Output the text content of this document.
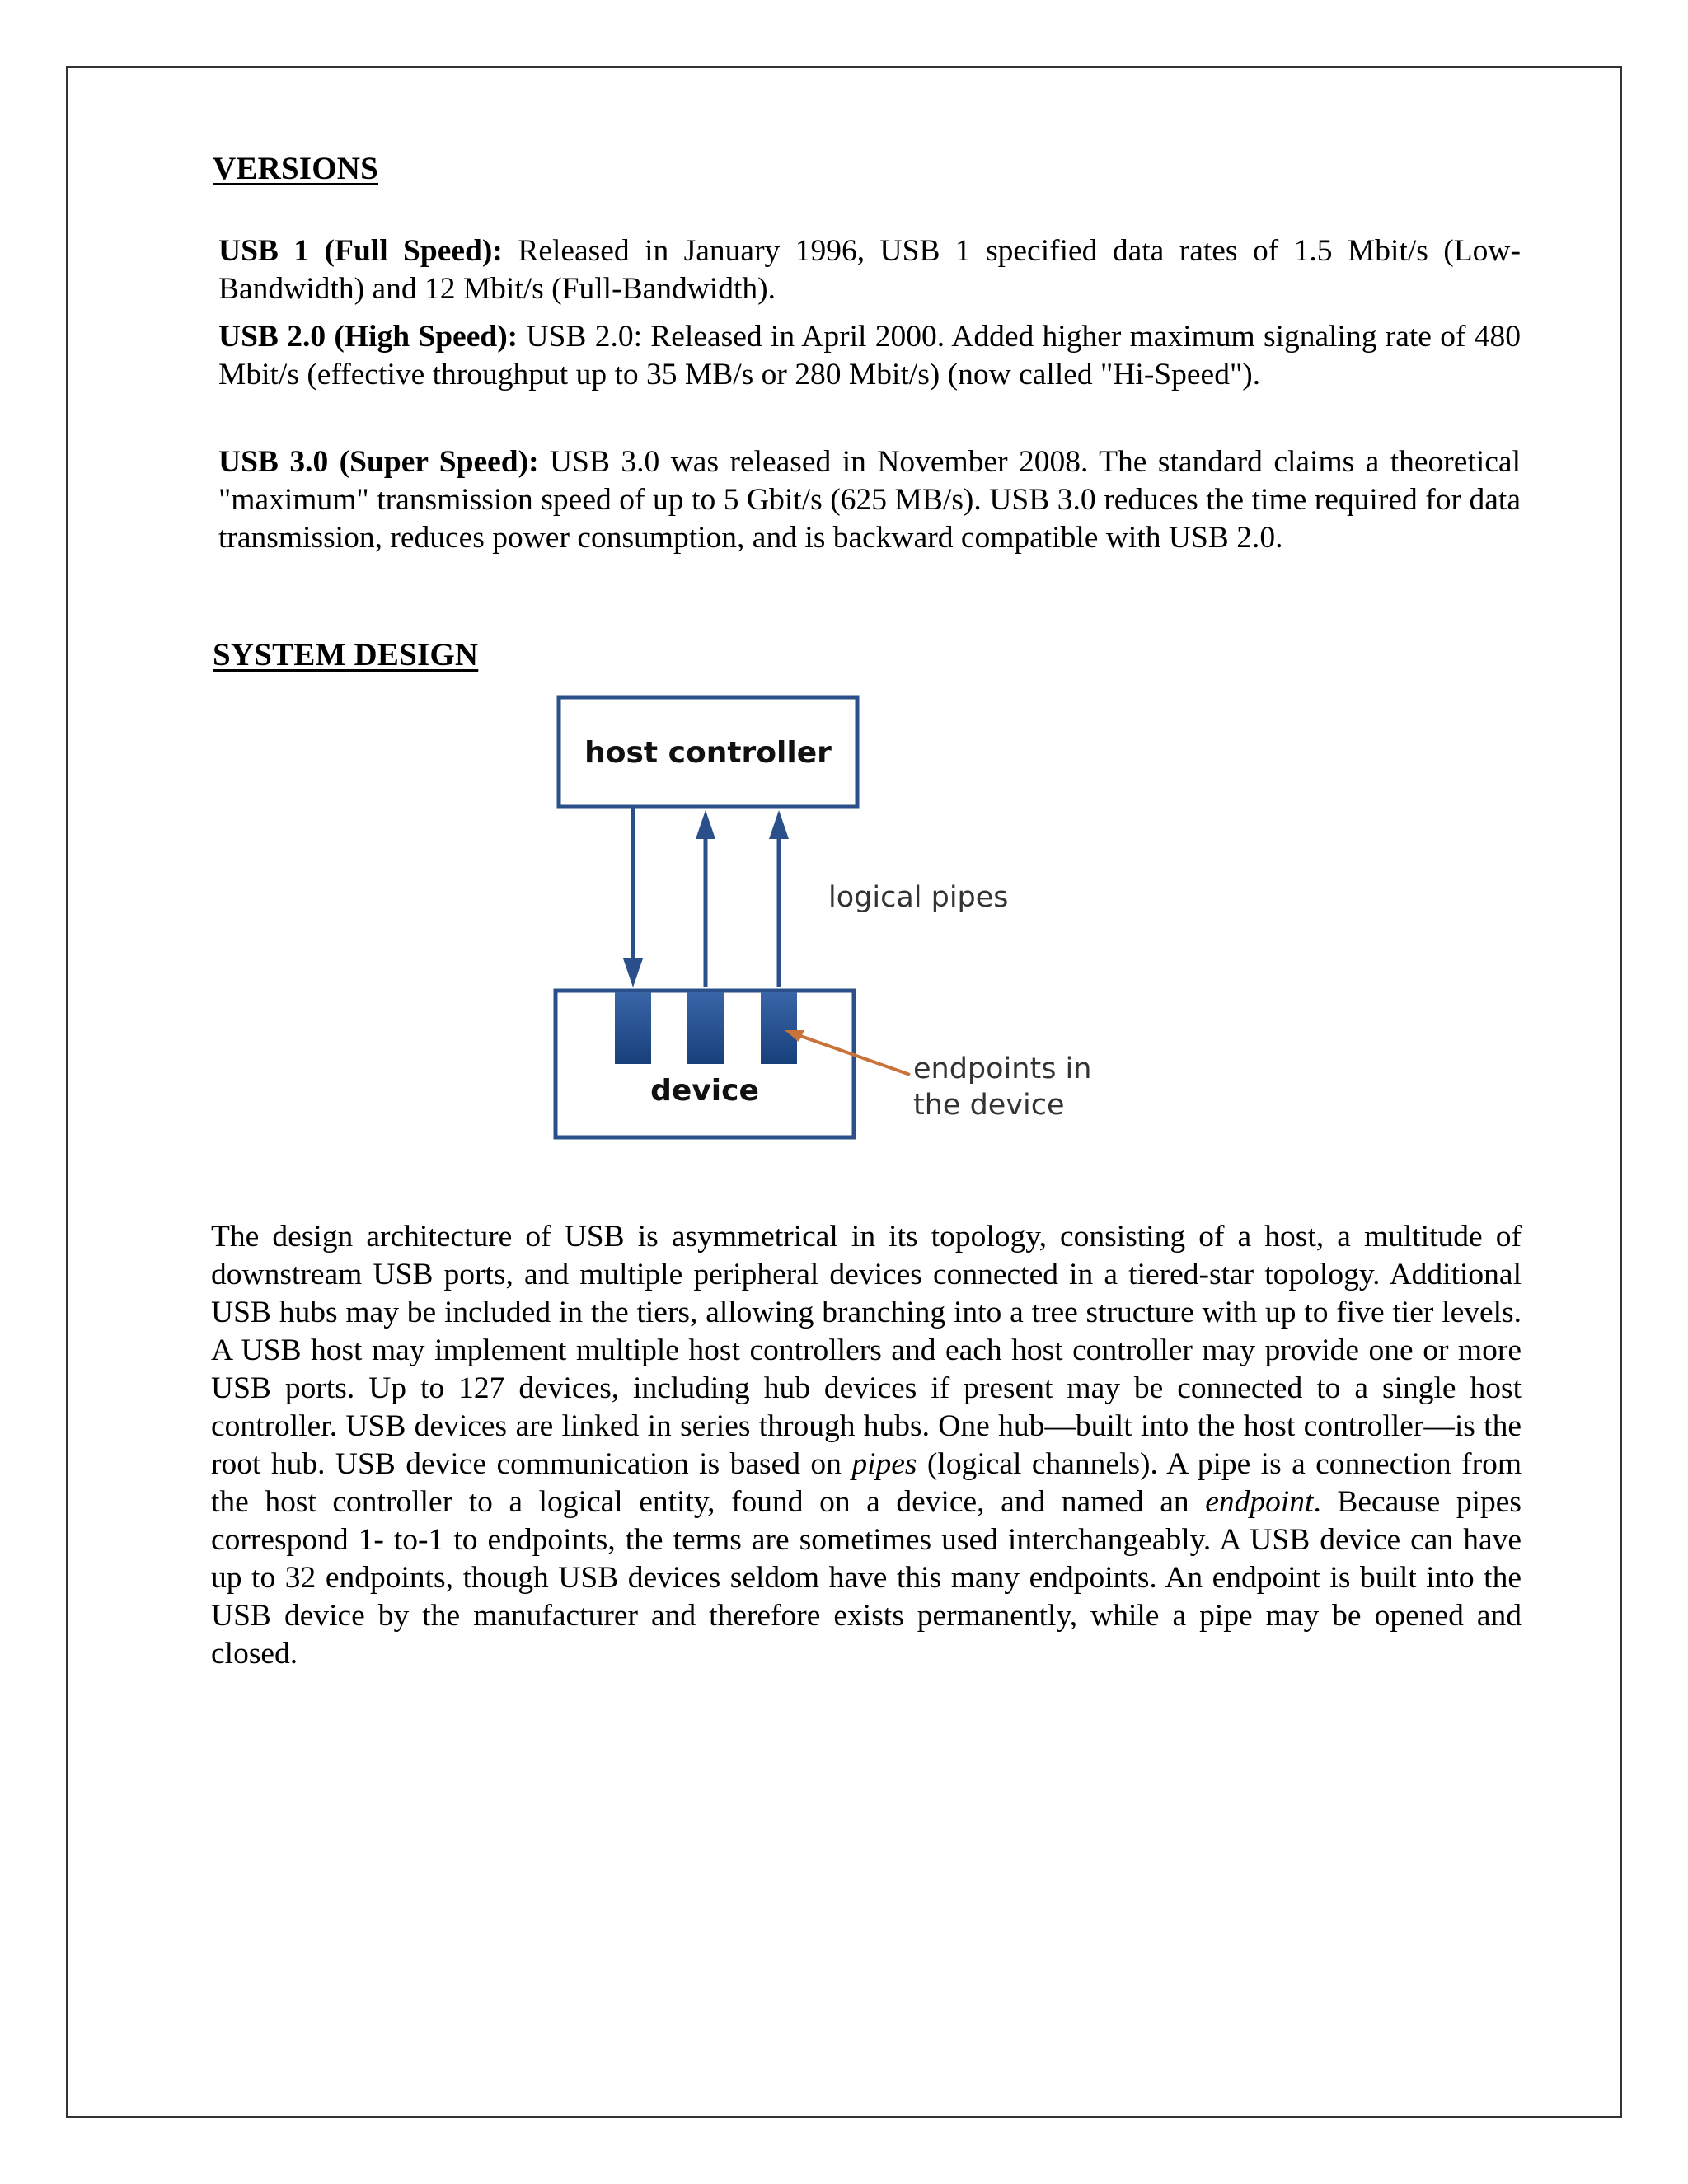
VERSIONS
USB 1 (Full Speed): Released in January 1996, USB 1 specified data rates of 1.5 Mbit/s (Low-Bandwidth) and 12 Mbit/s (Full-Bandwidth).
USB 2.0 (High Speed): USB 2.0: Released in April 2000. Added higher maximum signaling rate of 480 Mbit/s (effective throughput up to 35 MB/s or 280 Mbit/s) (now called "Hi-Speed").
USB 3.0 (Super Speed): USB 3.0 was released in November 2008. The standard claims a theoretical "maximum" transmission speed of up to 5 Gbit/s (625 MB/s). USB 3.0 reduces the time required for data transmission, reduces power consumption, and is backward compatible with USB 2.0.
SYSTEM DESIGN
host controller
logical pipes
device
endpoints in
the device
The design architecture of USB is asymmetrical in its topology, consisting of a host, a multitude of downstream USB ports, and multiple peripheral devices connected in a tiered-star topology. Additional USB hubs may be included in the tiers, allowing branching into a tree structure with up to five tier levels. A USB host may implement multiple host controllers and each host controller may provide one or more USB ports. Up to 127 devices, including hub devices if present may be connected to a single host controller. USB devices are linked in series through hubs. One hub—built into the host controller—is the root hub. USB device communication is based on pipes (logical channels). A pipe is a connection from the host controller to a logical entity, found on a device, and named an endpoint. Because pipes correspond 1- to-1 to endpoints, the terms are sometimes used interchangeably. A USB device can have up to 32 endpoints, though USB devices seldom have this many endpoints. An endpoint is built into the USB device by the manufacturer and therefore exists permanently, while a pipe may be opened and closed.
